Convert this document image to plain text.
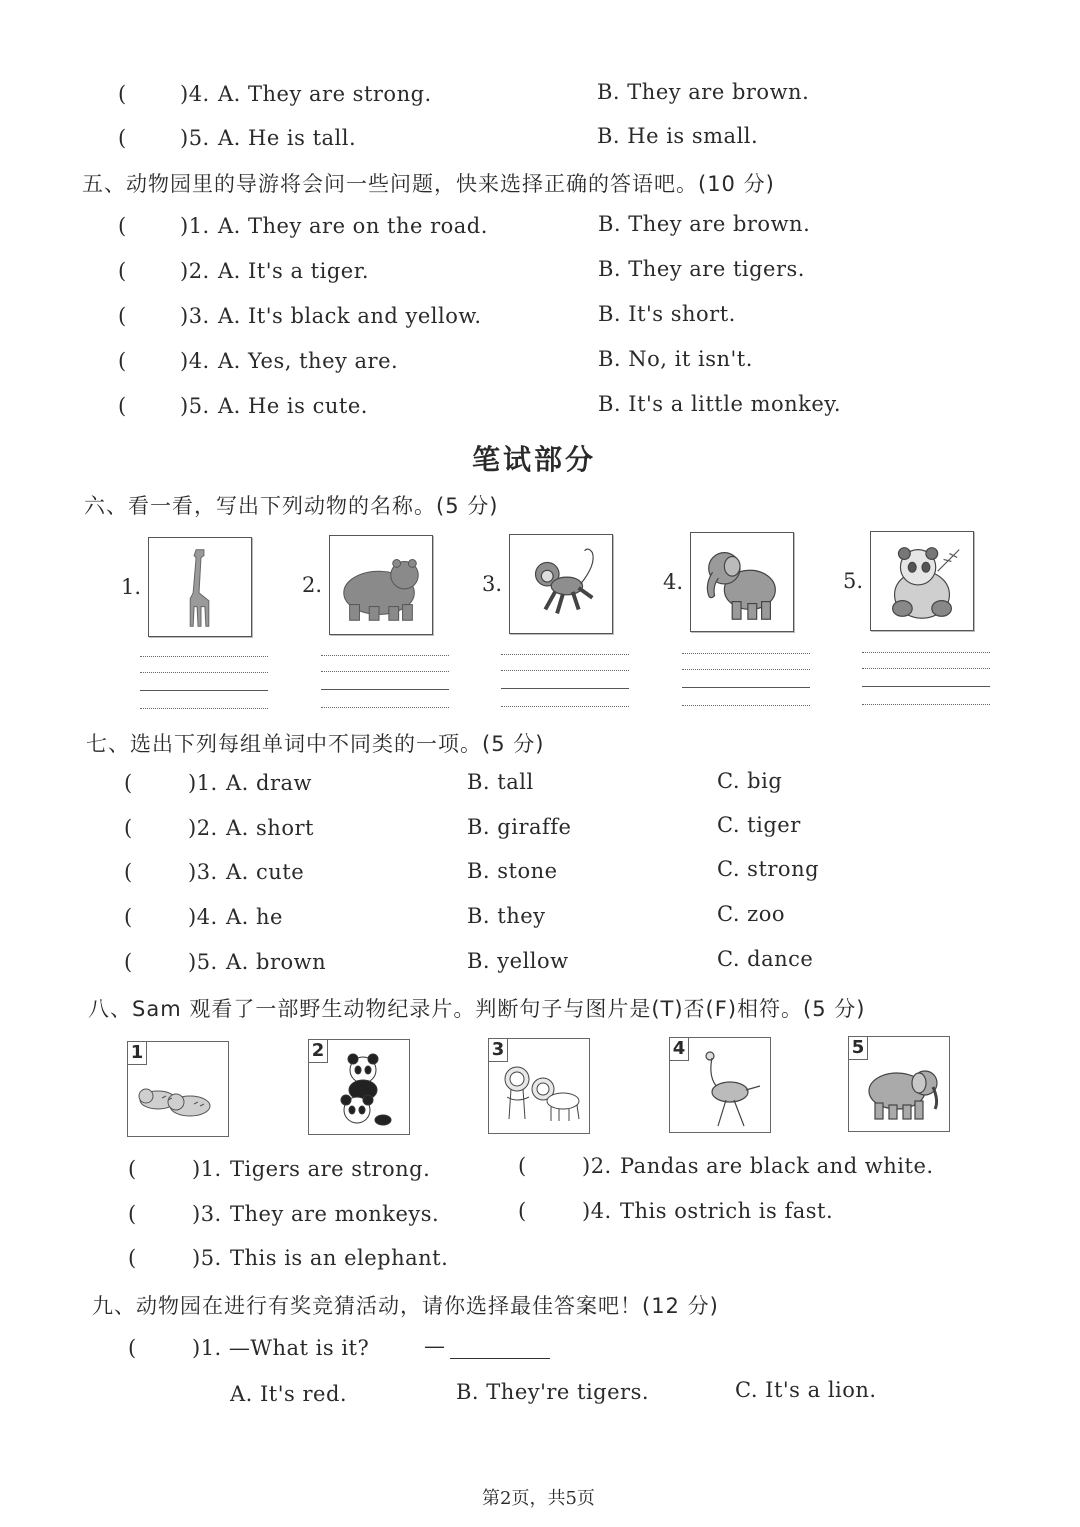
(	)4. A. They are strong.	B. They are brown.
(	)5. A. He is tall.	B. He is small.
五、动物园里的导游将会问一些问题，快来选择正确的答语吧。(10 分)
(	)1. A. They are on the road.	B. They are brown.
(	)2. A. It's a tiger.	B. They are tigers.
(	)3. A. It's black and yellow.	B. It's short.
(	)4. A. Yes, they are.	B. No, it isn't.
(	)5. A. He is cute.	B. It's a little monkey.
笔试部分
六、看一看，写出下列动物的名称。(5 分)
1.	2.	3.	4.	5.
七、选出下列每组单词中不同类的一项。(5 分)
(	)1. A. draw	B. tall	C. big
(	)2. A. short	B. giraffe	C. tiger
(	)3. A. cute	B. stone	C. strong
(	)4. A. he	B. they	C. zoo
(	)5. A. brown	B. yellow	C. dance
八、Sam 观看了一部野生动物纪录片。判断句子与图片是(T)否(F)相符。(5 分)
1	2	3	4	5
(	)1. Tigers are strong.	(	)2. Pandas are black and white.
(	)3. They are monkeys.	(	)4. This ostrich is fast.
(	)5. This is an elephant.
九、动物园在进行有奖竞猜活动，请你选择最佳答案吧！(12 分)
(	)1. —What is it?	—
A. It's red.	B. They're tigers.	C. It's a lion.
第2页，共5页
